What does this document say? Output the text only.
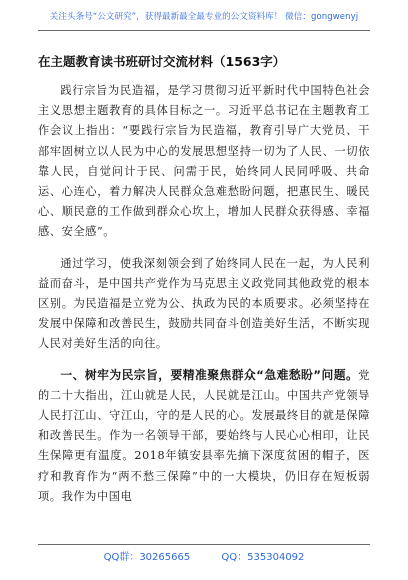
关注头条号“公文研究”，获得最新最全最专业的公文资料库！ 微信：gongwenyj
在主题教育读书班研讨交流材料（1563字）

践行宗旨为民造福，是学习贯彻习近平新时代中国特色社会主义思想主题教育的具体目标之一。习近平总书记在主题教育工作会议上指出：“要践行宗旨为民造福，教育引导广大党员、干部牢固树立以人民为中心的发展思想坚持一切为了人民、一切依靠人民，自觉问计于民、问需于民，始终同人民同呼吸、共命运、心连心，着力解决人民群众急难愁盼问题，把惠民生、暖民心、顺民意的工作做到群众心坎上，增加人民群众获得感、幸福感、安全感”。

通过学习，使我深刻领会到了始终同人民在一起，为人民利益而奋斗，是中国共产党作为马克思主义政党同其他政党的根本区别。为民造福是立党为公、执政为民的本质要求。必须坚持在发展中保障和改善民生，鼓励共同奋斗创造美好生活，不断实现人民对美好生活的向往。

一、树牢为民宗旨，要精准聚焦群众“急难愁盼”问题。党的二十大指出，江山就是人民，人民就是江山。中国共产党领导人民打江山、守江山，守的是人民的心。发展最终目的就是保障和改善民生。作为一名领导干部，要始终与人民心心相印，让民生保障更有温度。2018年镇安县率先摘下深度贫困的帽子，医疗和教育作为“两不愁三保障”中的一大模块，仍旧存在短板弱项。我作为中国电

QQ群：30265665	QQ：535304092
